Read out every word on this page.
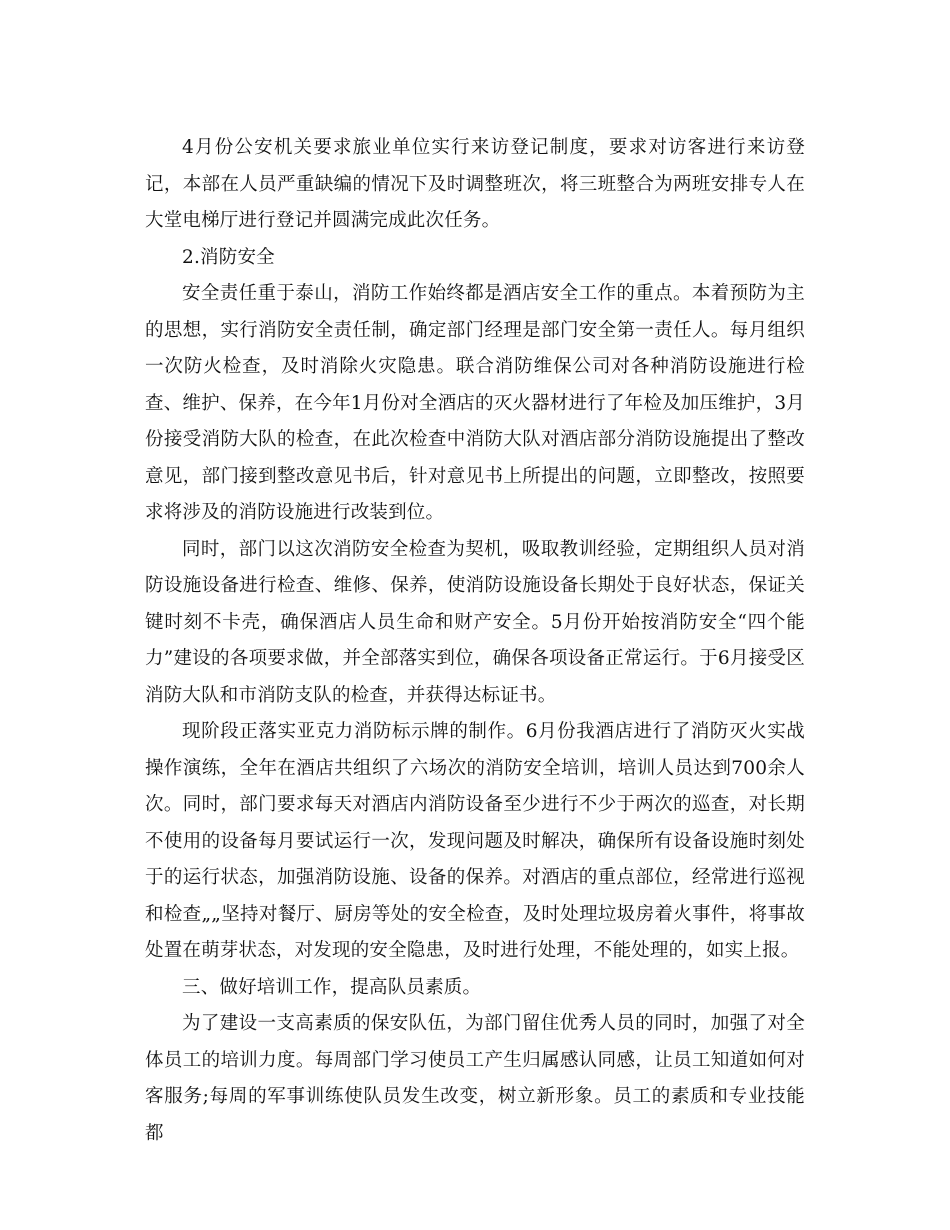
4月份公安机关要求旅业单位实行来访登记制度，要求对访客进行来访登记，本部在人员严重缺编的情况下及时调整班次，将三班整合为两班安排专人在大堂电梯厅进行登记并圆满完成此次任务。

2.消防安全

安全责任重于泰山，消防工作始终都是酒店安全工作的重点。本着预防为主的思想，实行消防安全责任制，确定部门经理是部门安全第一责任人。每月组织一次防火检查，及时消除火灾隐患。联合消防维保公司对各种消防设施进行检查、维护、保养，在今年1月份对全酒店的灭火器材进行了年检及加压维护，3月份接受消防大队的检查，在此次检查中消防大队对酒店部分消防设施提出了整改意见，部门接到整改意见书后，针对意见书上所提出的问题，立即整改，按照要求将涉及的消防设施进行改装到位。

同时，部门以这次消防安全检查为契机，吸取教训经验，定期组织人员对消防设施设备进行检查、维修、保养，使消防设施设备长期处于良好状态，保证关键时刻不卡壳，确保酒店人员生命和财产安全。5月份开始按消防安全“四个能力”建设的各项要求做，并全部落实到位，确保各项设备正常运行。于6月接受区消防大队和市消防支队的检查，并获得达标证书。

现阶段正落实亚克力消防标示牌的制作。6月份我酒店进行了消防灭火实战操作演练，全年在酒店共组织了六场次的消防安全培训，培训人员达到700余人次。同时，部门要求每天对酒店内消防设备至少进行不少于两次的巡查，对长期不使用的设备每月要试运行一次，发现问题及时解决，确保所有设备设施时刻处于的运行状态，加强消防设施、设备的保养。对酒店的重点部位，经常进行巡视和检查„„坚持对餐厅、厨房等处的安全检查，及时处理垃圾房着火事件，将事故处置在萌芽状态，对发现的安全隐患，及时进行处理，不能处理的，如实上报。

三、做好培训工作，提高队员素质。

为了建设一支高素质的保安队伍，为部门留住优秀人员的同时，加强了对全体员工的培训力度。每周部门学习使员工产生归属感认同感，让员工知道如何对客服务;每周的军事训练使队员发生改变，树立新形象。员工的素质和专业技能都
